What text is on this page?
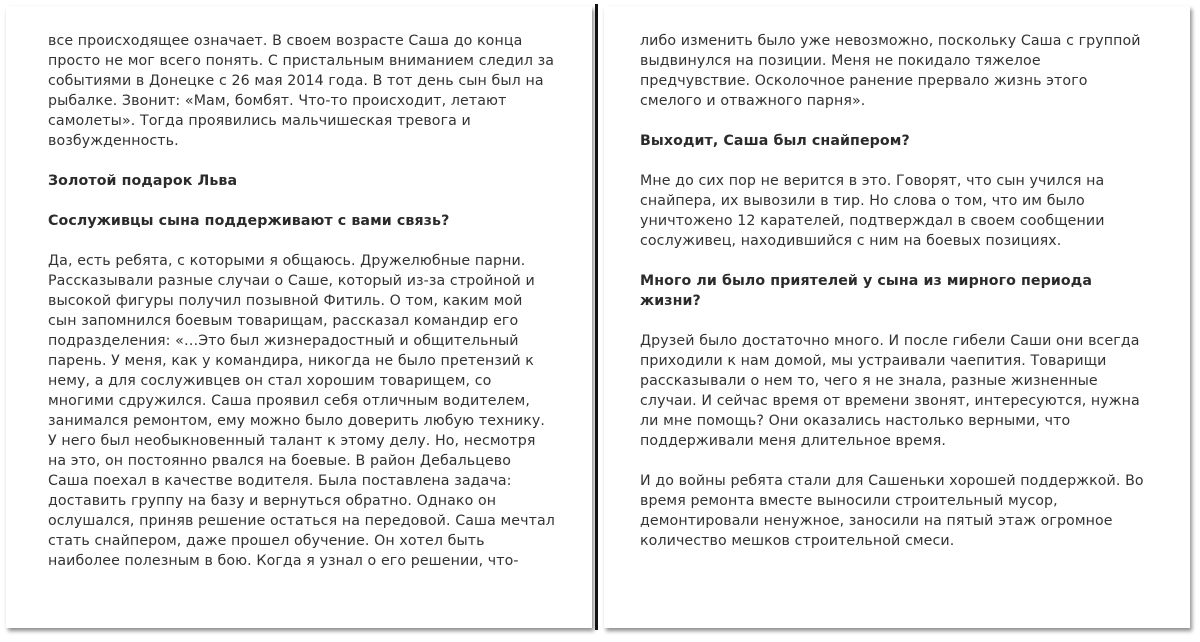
все происходящее означает. В своем возрасте Саша до конца
просто не мог всего понять. С пристальным вниманием следил за
событиями в Донецке с 26 мая 2014 года. В тот день сын был на
рыбалке. Звонит: «Мам, бомбят. Что-то происходит, летают
самолеты». Тогда проявились мальчишеская тревога и
возбужденность.
Золотой подарок Льва
Сослуживцы сына поддерживают с вами связь?
Да, есть ребята, с которыми я общаюсь. Дружелюбные парни.
Рассказывали разные случаи о Саше, который из-за стройной и
высокой фигуры получил позывной Фитиль. О том, каким мой
сын запомнился боевым товарищам, рассказал командир его
подразделения: «…Это был жизнерадостный и общительный
парень. У меня, как у командира, никогда не было претензий к
нему, а для сослуживцев он стал хорошим товарищем, со
многими сдружился. Саша проявил себя отличным водителем,
занимался ремонтом, ему можно было доверить любую технику.
У него был необыкновенный талант к этому делу. Но, несмотря
на это, он постоянно рвался на боевые. В район Дебальцево
Саша поехал в качестве водителя. Была поставлена задача:
доставить группу на базу и вернуться обратно. Однако он
ослушался, приняв решение остаться на передовой. Саша мечтал
стать снайпером, даже прошел обучение. Он хотел быть
наиболее полезным в бою. Когда я узнал о его решении, что-
либо изменить было уже невозможно, поскольку Саша с группой
выдвинулся на позиции. Меня не покидало тяжелое
предчувствие. Осколочное ранение прервало жизнь этого
смелого и отважного парня».
Выходит, Саша был снайпером?
Мне до сих пор не верится в это. Говорят, что сын учился на
снайпера, их вывозили в тир. Но слова о том, что им было
уничтожено 12 карателей, подтверждал в своем сообщении
сослуживец, находившийся с ним на боевых позициях.
Много ли было приятелей у сына из мирного периода
жизни?
Друзей было достаточно много. И после гибели Саши они всегда
приходили к нам домой, мы устраивали чаепития. Товарищи
рассказывали о нем то, чего я не знала, разные жизненные
случаи. И сейчас время от времени звонят, интересуются, нужна
ли мне помощь? Они оказались настолько верными, что
поддерживали меня длительное время.
И до войны ребята стали для Сашеньки хорошей поддержкой. Во
время ремонта вместе выносили строительный мусор,
демонтировали ненужное, заносили на пятый этаж огромное
количество мешков строительной смеси.
